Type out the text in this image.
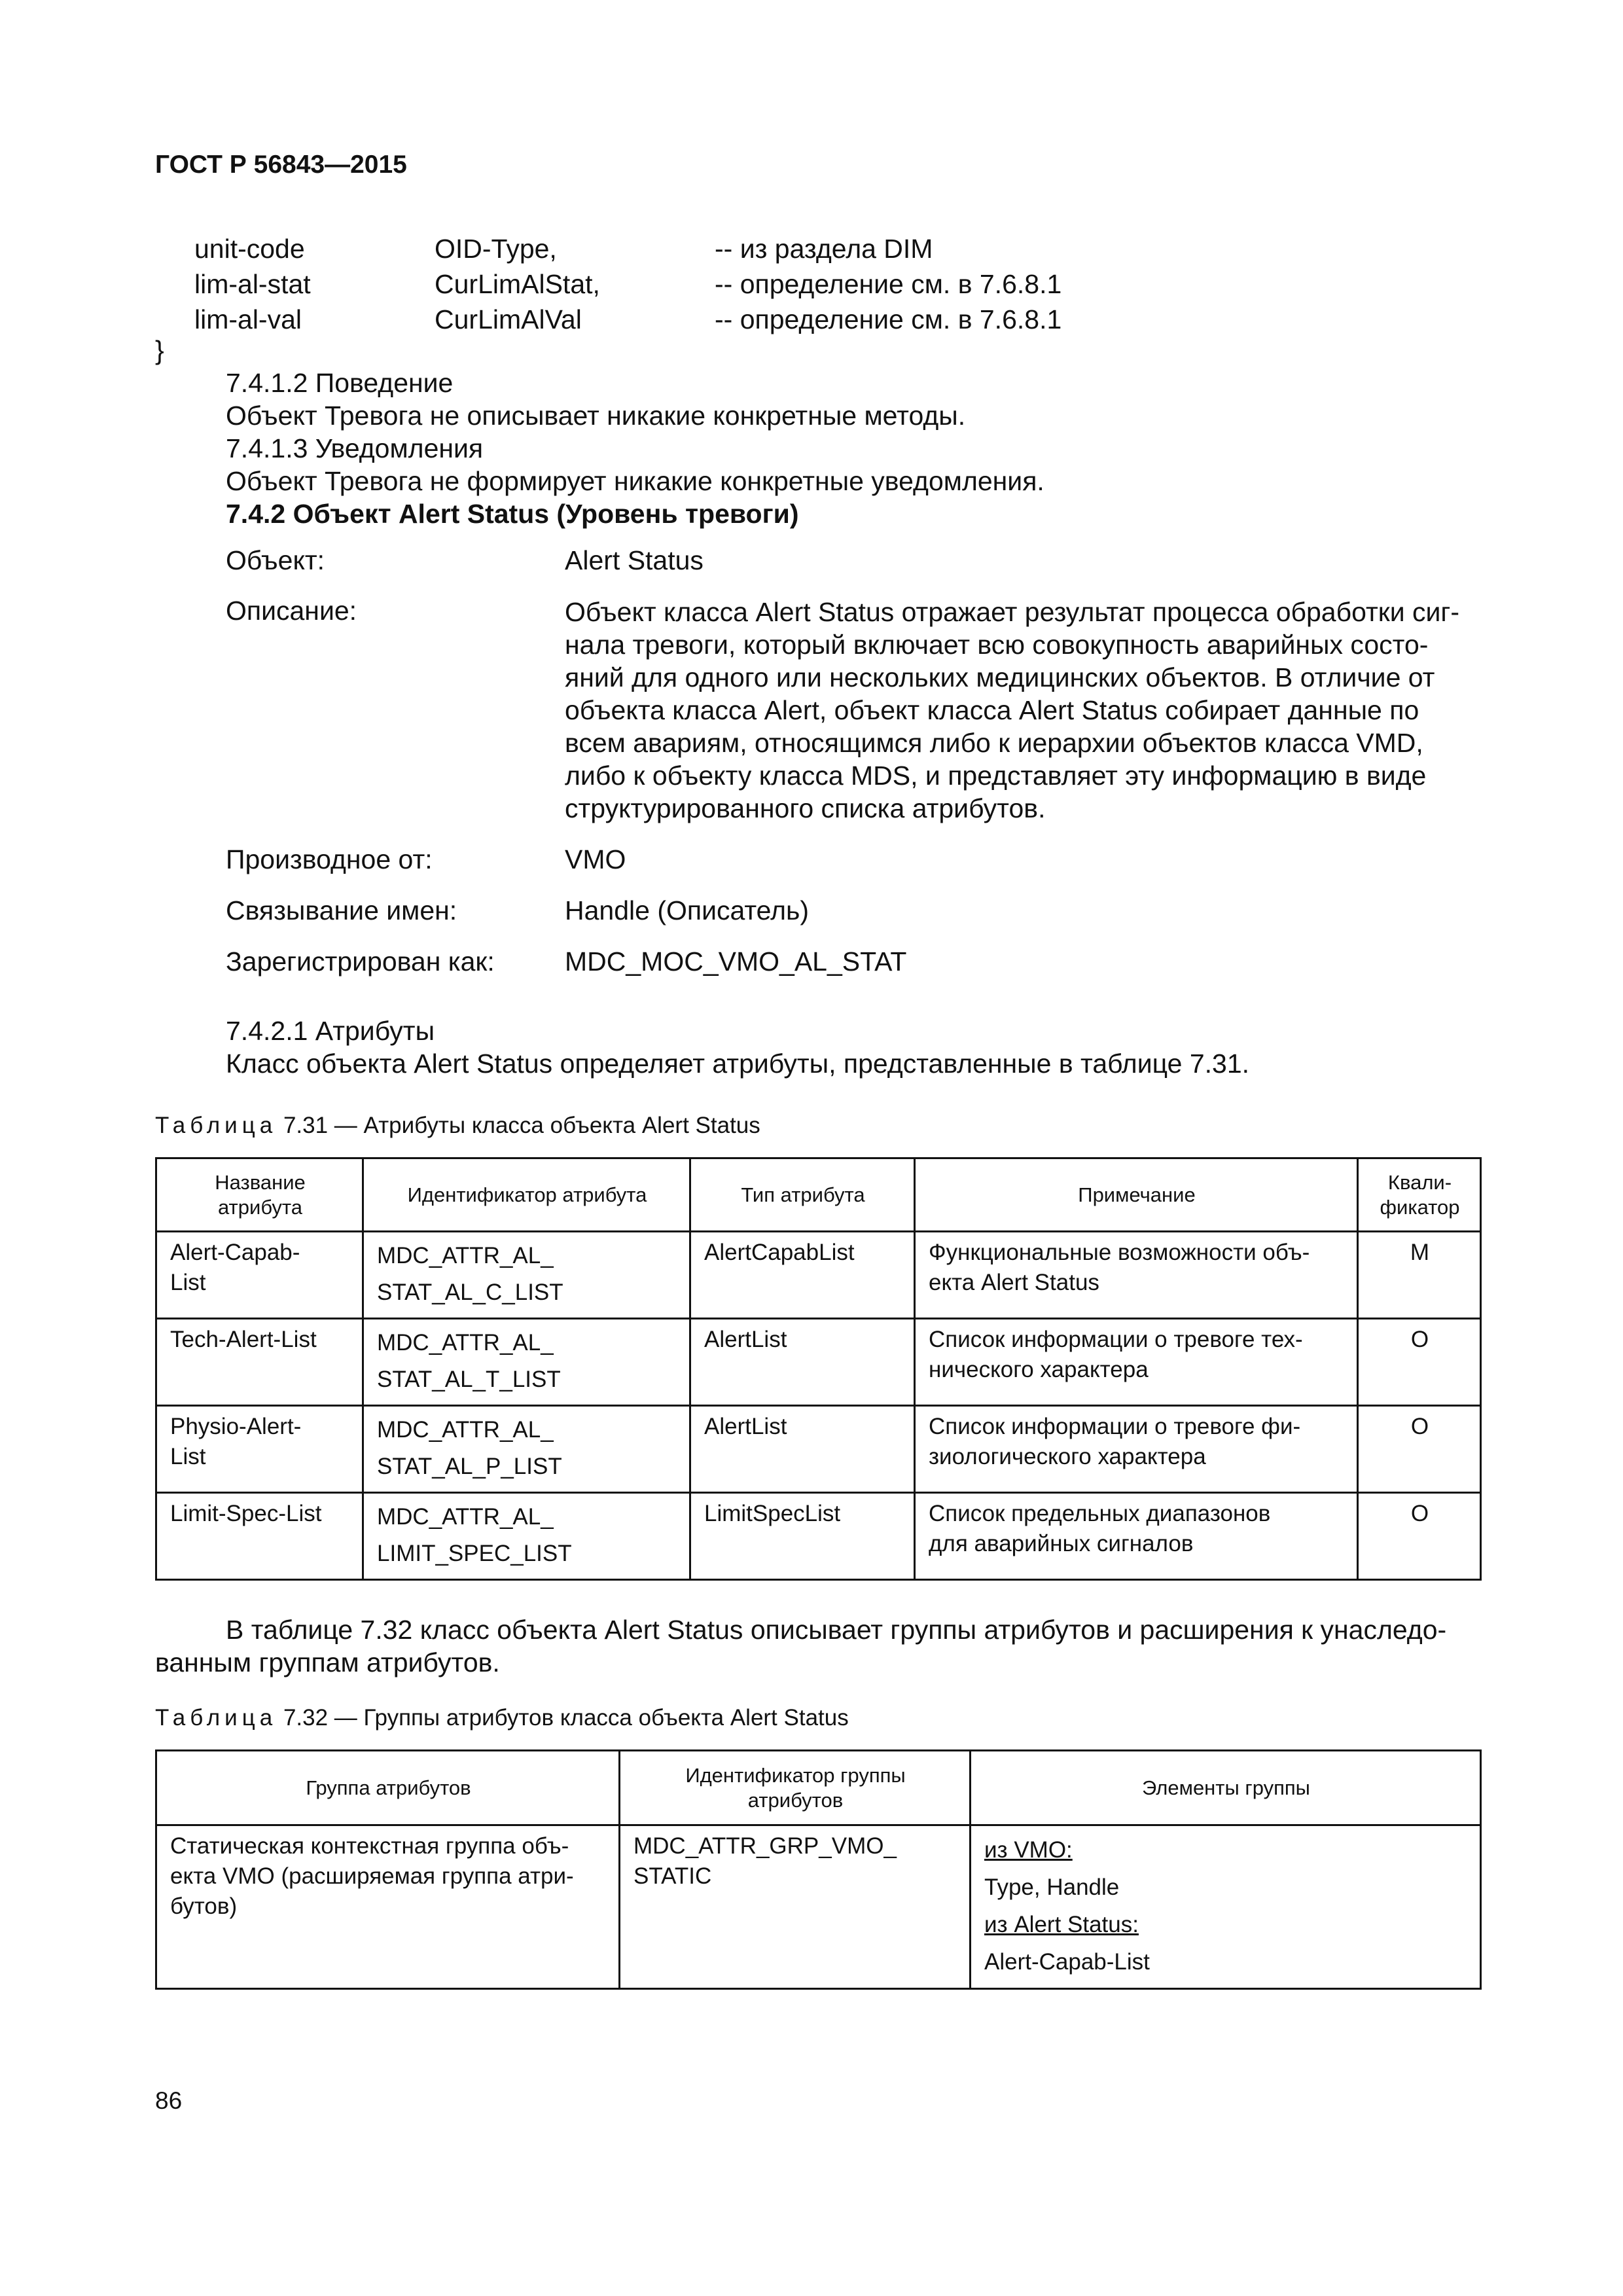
ГОСТ Р 56843—2015
unit-code	OID-Type,	-- из раздела DIM
lim-al-stat	CurLimAlStat,	-- определение см. в 7.6.8.1
lim-al-val	CurLimAlVal	-- определение см. в 7.6.8.1
}
7.4.1.2 Поведение
Объект Тревога не описывает никакие конкретные методы.
7.4.1.3 Уведомления
Объект Тревога не формирует никакие конкретные уведомления.
7.4.2 Объект Alert Status (Уровень тревоги)
Объект:	Alert Status
Описание:	Объект класса Alert Status отражает результат процесса обработки сиг-
нала тревоги, который включает всю совокупность аварийных состо-
яний для одного или нескольких медицинских объектов. В отличие от
объекта класса Alert, объект класса Alert Status собирает данные по
всем авариям, относящимся либо к иерархии объектов класса VMD,
либо к объекту класса MDS, и представляет эту информацию в виде
структурированного списка атрибутов.
Производное от:	VMO
Связывание имен:	Handle (Описатель)
Зарегистрирован как:	MDC_MOC_VMO_AL_STAT
7.4.2.1 Атрибуты
Класс объекта Alert Status определяет атрибуты, представленные в таблице 7.31.
Таблица 7.31 — Атрибуты класса объекта Alert Status
Название
атрибута	Идентификатор атрибута	Тип атрибута	Примечание	Квали-
фикатор

Alert-Capab-
List	MDC_ATTR_AL_
STAT_AL_C_LIST	AlertCapabList	Функциональные возможности объ-
екта Alert Status	M

Tech-Alert-List	MDC_ATTR_AL_
STAT_AL_T_LIST	AlertList	Список информации о тревоге тех-
нического характера	O

Physio-Alert-
List	MDC_ATTR_AL_
STAT_AL_P_LIST	AlertList	Список информации о тревоге фи-
зиологического характера	O

Limit-Spec-List	MDC_ATTR_AL_
LIMIT_SPEC_LIST	LimitSpecList	Список предельных диапазонов
для аварийных сигналов	O
В таблице 7.32 класс объекта Alert Status описывает группы атрибутов и расширения к унаследо-
ванным группам атрибутов.
Таблица 7.32 — Группы атрибутов класса объекта Alert Status
Группа атрибутов	Идентификатор группы
атрибутов	Элементы группы

Статическая контекстная группа объ-
екта VMO (расширяемая группа атри-
бутов)	MDC_ATTR_GRP_VMO_
STATIC	из VMO:
Type, Handle
из Alert Status:
Alert-Capab-List
86
